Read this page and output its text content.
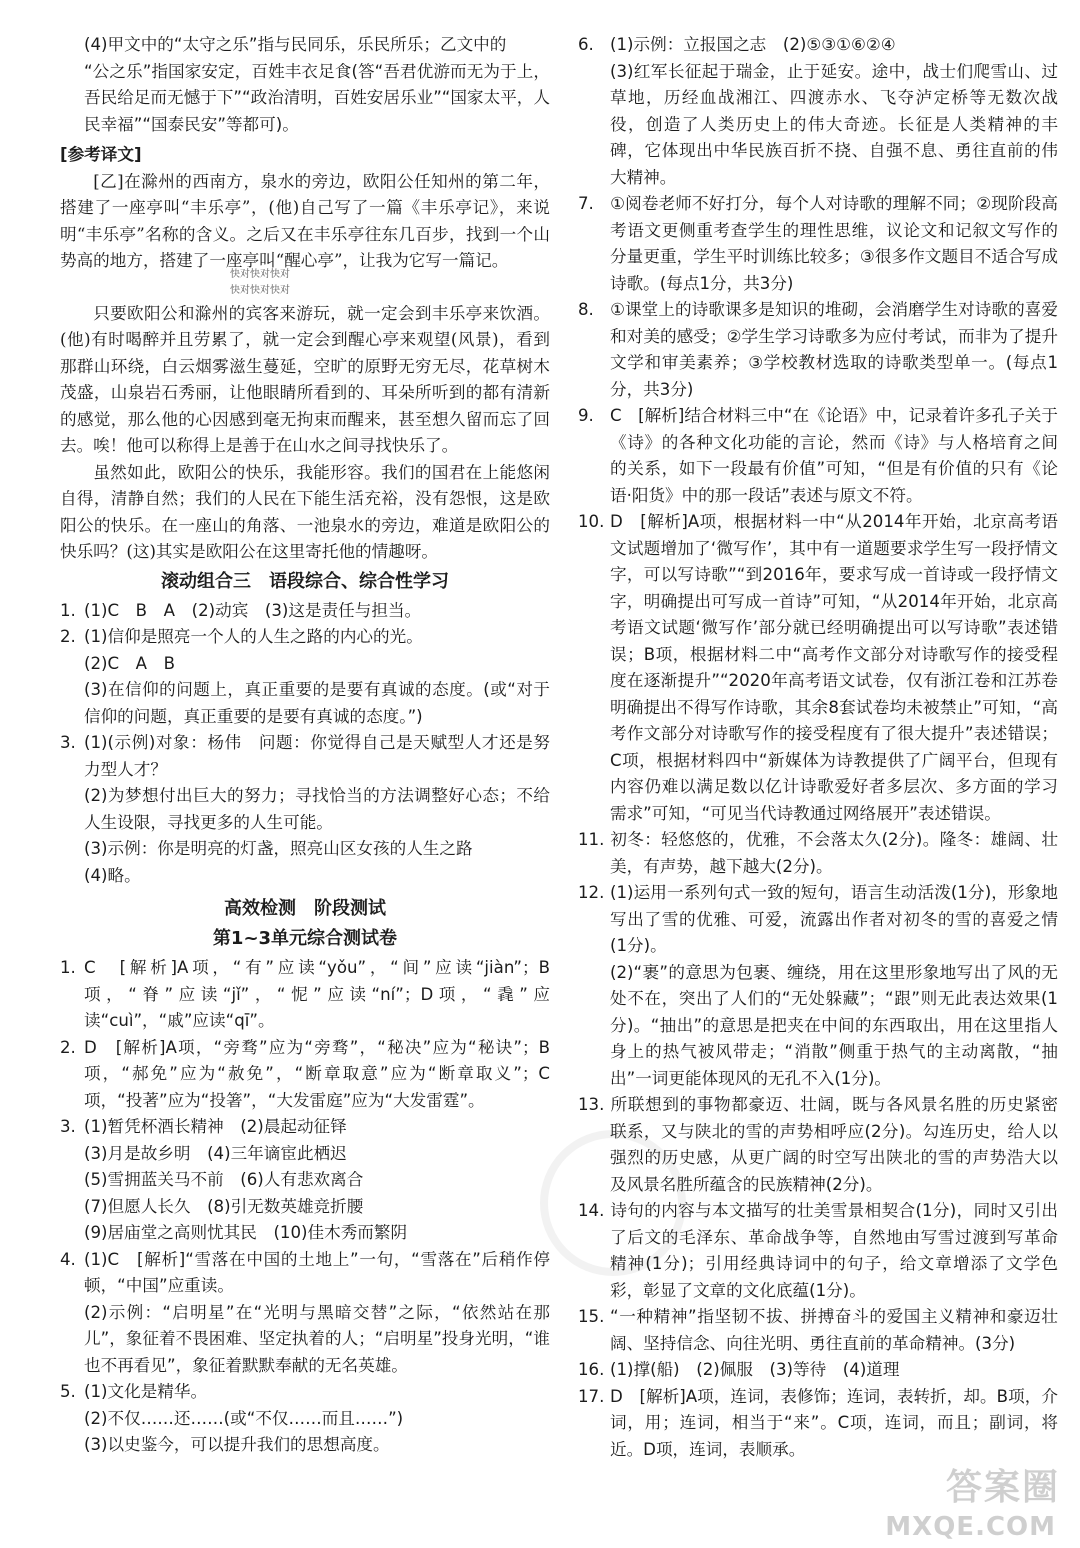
(4)甲文中的“太守之乐”指与民同乐，乐民所乐；乙文中的

“公之乐”指国家安定，百姓丰衣足食(答“吾君优游而无为于上，吾民给足而无憾于下”“政治清明，百姓安居乐业”“国家太平，人民幸福”“国泰民安”等都可)。

[参考译文]

[乙]在滁州的西南方，泉水的旁边，欧阳公任知州的第二年，搭建了一座亭叫“丰乐亭”，(他)自己写了一篇《丰乐亭记》，来说明“丰乐亭”名称的含义。之后又在丰乐亭往东几百步，找到一个山势高的地方，搭建了一座亭叫“醒心亭”，让我为它写一篇记。

快对快对快对

快对快对快对

只要欧阳公和滁州的宾客来游玩，就一定会到丰乐亭来饮酒。(他)有时喝醉并且劳累了，就一定会到醒心亭来观望(风景)，看到那群山环绕，白云烟雾滋生蔓延，空旷的原野无穷无尽，花草树木茂盛，山泉岩石秀丽，让他眼睛所看到的、耳朵所听到的都有清新的感觉，那么他的心因感到毫无拘束而醒来，甚至想久留而忘了回去。唉！他可以称得上是善于在山水之间寻找快乐了。

虽然如此，欧阳公的快乐，我能形容。我们的国君在上能悠闲自得，清静自然；我们的人民在下能生活充裕，没有怨恨，这是欧阳公的快乐。在一座山的角落、一池泉水的旁边，难道是欧阳公的快乐吗？(这)其实是欧阳公在这里寄托他的情趣呀。

滚动组合三　语段综合、综合性学习

1. (1)C　B　A　(2)动宾　(3)这是责任与担当。

2. (1)信仰是照亮一个人的人生之路的内心的光。

(2)C　A　B

(3)在信仰的问题上，真正重要的是要有真诚的态度。(或“对于信仰的问题，真正重要的是要有真诚的态度。”)

3. (1)(示例)对象：杨伟　问题：你觉得自己是天赋型人才还是努力型人才？

(2)为梦想付出巨大的努力；寻找恰当的方法调整好心态；不给人生设限，寻找更多的人生可能。

(3)示例：你是明亮的灯盏，照亮山区女孩的人生之路

(4)略。

高效检测　阶段测试

第1~3单元综合测试卷

1. C　[解析]A项，“有”应读“yǒu”，“间”应读“jiàn”；B项，“脊”应读“jǐ”，“怩”应读“ní”；D项，“毳”应读“cuì”，“戚”应读“qī”。

2. D　[解析]A项，“旁骛”应为“旁骛”，“秘决”应为“秘诀”；B项，“郝免”应为“赦免”，“断章取意”应为“断章取义”；C项，“投著”应为“投箸”，“大发雷庭”应为“大发雷霆”。

3. (1)暂凭杯酒长精神　(2)晨起动征铎

(3)月是故乡明　(4)三年谪宦此栖迟

(5)雪拥蓝关马不前　(6)人有悲欢离合

(7)但愿人长久　(8)引无数英雄竞折腰

(9)居庙堂之高则忧其民　(10)佳木秀而繁阴

4. (1)C　[解析]“雪落在中国的土地上”一句，“雪落在”后稍作停顿，“中国”应重读。

(2)示例：“启明星”在“光明与黑暗交替”之际，“依然站在那儿”，象征着不畏困难、坚定执着的人；“启明星”投身光明，“谁也不再看见”，象征着默默奉献的无名英雄。

5. (1)文化是精华。

(2)不仅……还……(或“不仅……而且……”)

(3)以史鉴今，可以提升我们的思想高度。

6. (1)示例：立报国之志　(2)⑤③①⑥②④

(3)红军长征起于瑞金，止于延安。途中，战士们爬雪山、过草地，历经血战湘江、四渡赤水、飞夺泸定桥等无数次战役，创造了人类历史上的伟大奇迹。长征是人类精神的丰碑，它体现出中华民族百折不挠、自强不息、勇往直前的伟大精神。

7. ①阅卷老师不好打分，每个人对诗歌的理解不同；②现阶段高考语文更侧重考查学生的理性思维，议论文和记叙文写作的分量更重，学生平时训练比较多；③很多作文题目不适合写成诗歌。(每点1分，共3分)

8. ①课堂上的诗歌课多是知识的堆砌，会消磨学生对诗歌的喜爱和对美的感受；②学生学习诗歌多为应付考试，而非为了提升文学和审美素养；③学校教材选取的诗歌类型单一。(每点1分，共3分)

9. C　[解析]结合材料三中“在《论语》中，记录着许多孔子关于《诗》的各种文化功能的言论，然而《诗》与人格培育之间的关系，如下一段最有价值”可知，“但是有价值的只有《论语·阳货》中的那一段话”表述与原文不符。

10. D　[解析]A项，根据材料一中“从2014年开始，北京高考语文试题增加了‘微写作’，其中有一道题要求学生写一段抒情文字，可以写诗歌”“到2016年，要求写成一首诗或一段抒情文字，明确提出可写成一首诗”可知，“从2014年开始，北京高考语文试题‘微写作’部分就已经明确提出可以写诗歌”表述错误；B项，根据材料二中“高考作文部分对诗歌写作的接受程度在逐渐提升”“2020年高考语文试卷，仅有浙江卷和江苏卷明确提出不得写作诗歌，其余8套试卷均未被禁止”可知，“高考作文部分对诗歌写作的接受程度有了很大提升”表述错误；C项，根据材料四中“新媒体为诗教提供了广阔平台，但现有内容仍难以满足数以亿计诗歌爱好者多层次、多方面的学习需求”可知，“可见当代诗教通过网络展开”表述错误。

11. 初冬：轻悠悠的，优雅，不会落太久(2分)。隆冬：雄阔、壮美，有声势，越下越大(2分)。

12. (1)运用一系列句式一致的短句，语言生动活泼(1分)，形象地写出了雪的优雅、可爱，流露出作者对初冬的雪的喜爱之情(1分)。

(2)“裹”的意思为包裹、缠绕，用在这里形象地写出了风的无处不在，突出了人们的“无处躲藏”；“跟”则无此表达效果(1分)。“抽出”的意思是把夹在中间的东西取出，用在这里指人身上的热气被风带走；“消散”侧重于热气的主动离散，“抽出”一词更能体现风的无孔不入(1分)。

13. 所联想到的事物都豪迈、壮阔，既与各风景名胜的历史紧密联系，又与陕北的雪的声势相呼应(2分)。勾连历史，给人以强烈的历史感，从更广阔的时空写出陕北的雪的声势浩大以及风景名胜所蕴含的民族精神(2分)。

14. 诗句的内容与本文描写的壮美雪景相契合(1分)，同时又引出了后文的毛泽东、革命战争等，自然地由写雪过渡到写革命精神(1分)；引用经典诗词中的句子，给文章增添了文学色彩，彰显了文章的文化底蕴(1分)。

15. “一种精神”指坚韧不拔、拼搏奋斗的爱国主义精神和豪迈壮阔、坚持信念、向往光明、勇往直前的革命精神。(3分)

16. (1)撑(船)　(2)佩服　(3)等待　(4)道理

17. D　[解析]A项，连词，表修饰；连词，表转折，却。B项，介词，用；连词，相当于“来”。C项，连词，而且；副词，将近。D项，连词，表顺承。

答案圈
MXQE.COM
